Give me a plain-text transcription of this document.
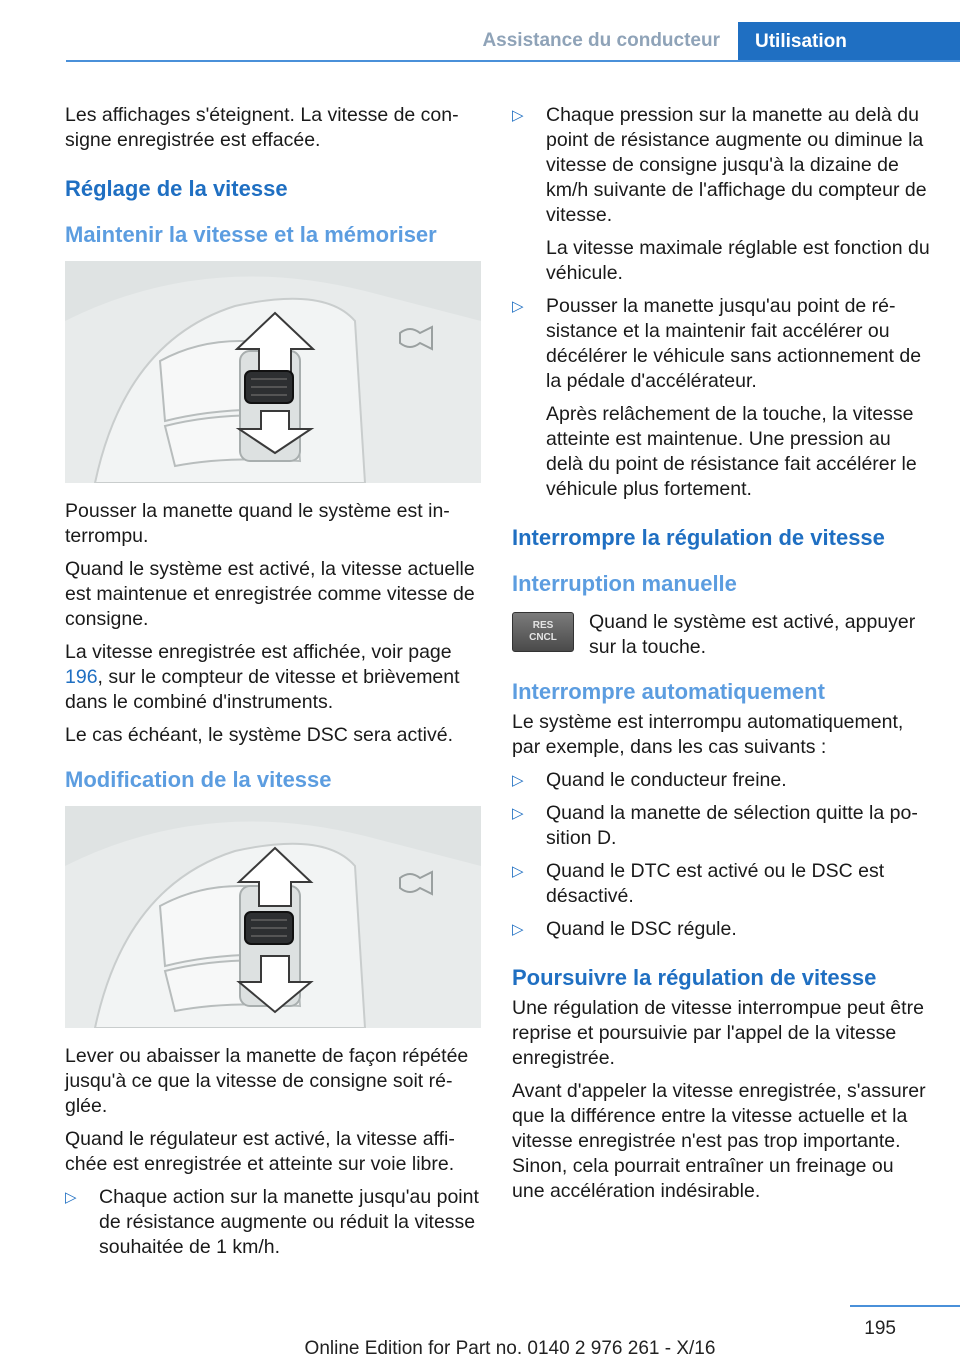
Assistance du conducteur	Utilisation

Les affichages s'éteignent. La vitesse de consigne enregistrée est effacée.

Réglage de la vitesse
Maintenir la vitesse et la mémoriser

Pousser la manette quand le système est interrompu.

Quand le système est activé, la vitesse actuelle est maintenue et enregistrée comme vitesse de consigne.

La vitesse enregistrée est affichée, voir page 196, sur le compteur de vitesse et brièvement dans le combiné d'instruments.

Le cas échéant, le système DSC sera activé.

Modification de la vitesse

Lever ou abaisser la manette de façon répétée jusqu'à ce que la vitesse de consigne soit réglée.

Quand le régulateur est activé, la vitesse affichée est enregistrée et atteinte sur voie libre.

▷ Chaque action sur la manette jusqu'au point de résistance augmente ou réduit la vitesse souhaitée de 1 km/h.
▷ Chaque pression sur la manette au delà du point de résistance augmente ou diminue la vitesse de consigne jusqu'à la dizaine de km/h suivante de l'affichage du compteur de vitesse.

La vitesse maximale réglable est fonction du véhicule.

▷ Pousser la manette jusqu'au point de résistance et la maintenir fait accélérer ou décélérer le véhicule sans actionnement de la pédale d'accélérateur.

Après relâchement de la touche, la vitesse atteinte est maintenue. Une pression au delà du point de résistance fait accélérer le véhicule plus fortement.

Interrompre la régulation de vitesse
Interruption manuelle
RES
CNCL

Quand le système est activé, appuyer sur la touche.

Interrompre automatiquement

Le système est interrompu automatiquement, par exemple, dans les cas suivants :

▷ Quand le conducteur freine.
▷ Quand la manette de sélection quitte la position D.
▷ Quand le DTC est activé ou le DSC est désactivé.
▷ Quand le DSC régule.
Poursuivre la régulation de vitesse

Une régulation de vitesse interrompue peut être reprise et poursuivie par l'appel de la vitesse enregistrée.

Avant d'appeler la vitesse enregistrée, s'assurer que la différence entre la vitesse actuelle et la vitesse enregistrée n'est pas trop importante. Sinon, cela pourrait entraîner un freinage ou une accélération indésirable.

195
Online Edition for Part no. 0140 2 976 261 - X/16
